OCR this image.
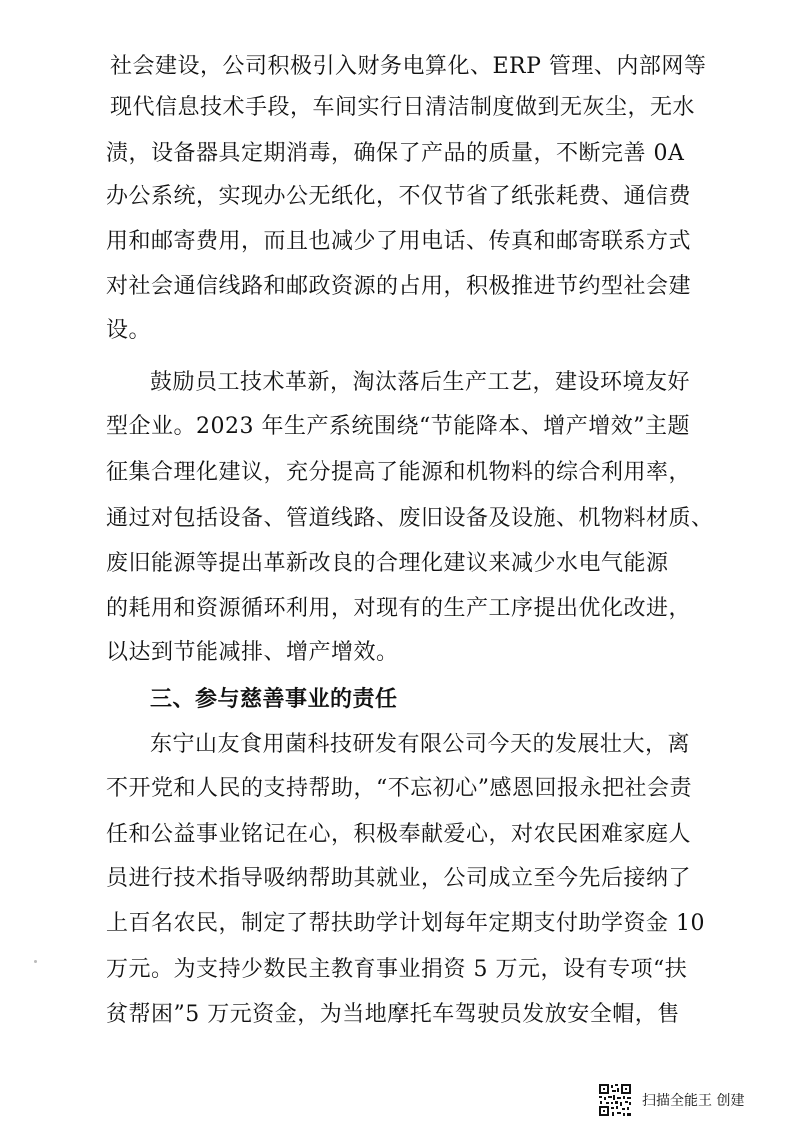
社会建设，公司积极引入财务电算化、ERP 管理、内部网等
现代信息技术手段，车间实行日清洁制度做到无灰尘，无水
渍，设备器具定期消毒，确保了产品的质量，不断完善 0A
办公系统，实现办公无纸化，不仅节省了纸张耗费、通信费
用和邮寄费用，而且也减少了用电话、传真和邮寄联系方式
对社会通信线路和邮政资源的占用，积极推进节约型社会建
设。
鼓励员工技术革新，淘汰落后生产工艺，建设环境友好
型企业。2023 年生产系统围绕“节能降本、增产增效”主题
征集合理化建议，充分提高了能源和机物料的综合利用率，
通过对包括设备、管道线路、废旧设备及设施、机物料材质、
废旧能源等提出革新改良的合理化建议来减少水电气能源
的耗用和资源循环利用，对现有的生产工序提出优化改进，
以达到节能减排、增产增效。
三、参与慈善事业的责任
东宁山友食用菌科技研发有限公司今天的发展壮大，离
不开党和人民的支持帮助，“不忘初心”感恩回报永把社会责
任和公益事业铭记在心，积极奉献爱心，对农民困难家庭人
员进行技术指导吸纳帮助其就业，公司成立至今先后接纳了
上百名农民，制定了帮扶助学计划每年定期支付助学资金 10
万元。为支持少数民主教育事业捐资 5 万元，设有专项“扶
贫帮困”5 万元资金，为当地摩托车驾驶员发放安全帽，售
扫描全能王 创建
